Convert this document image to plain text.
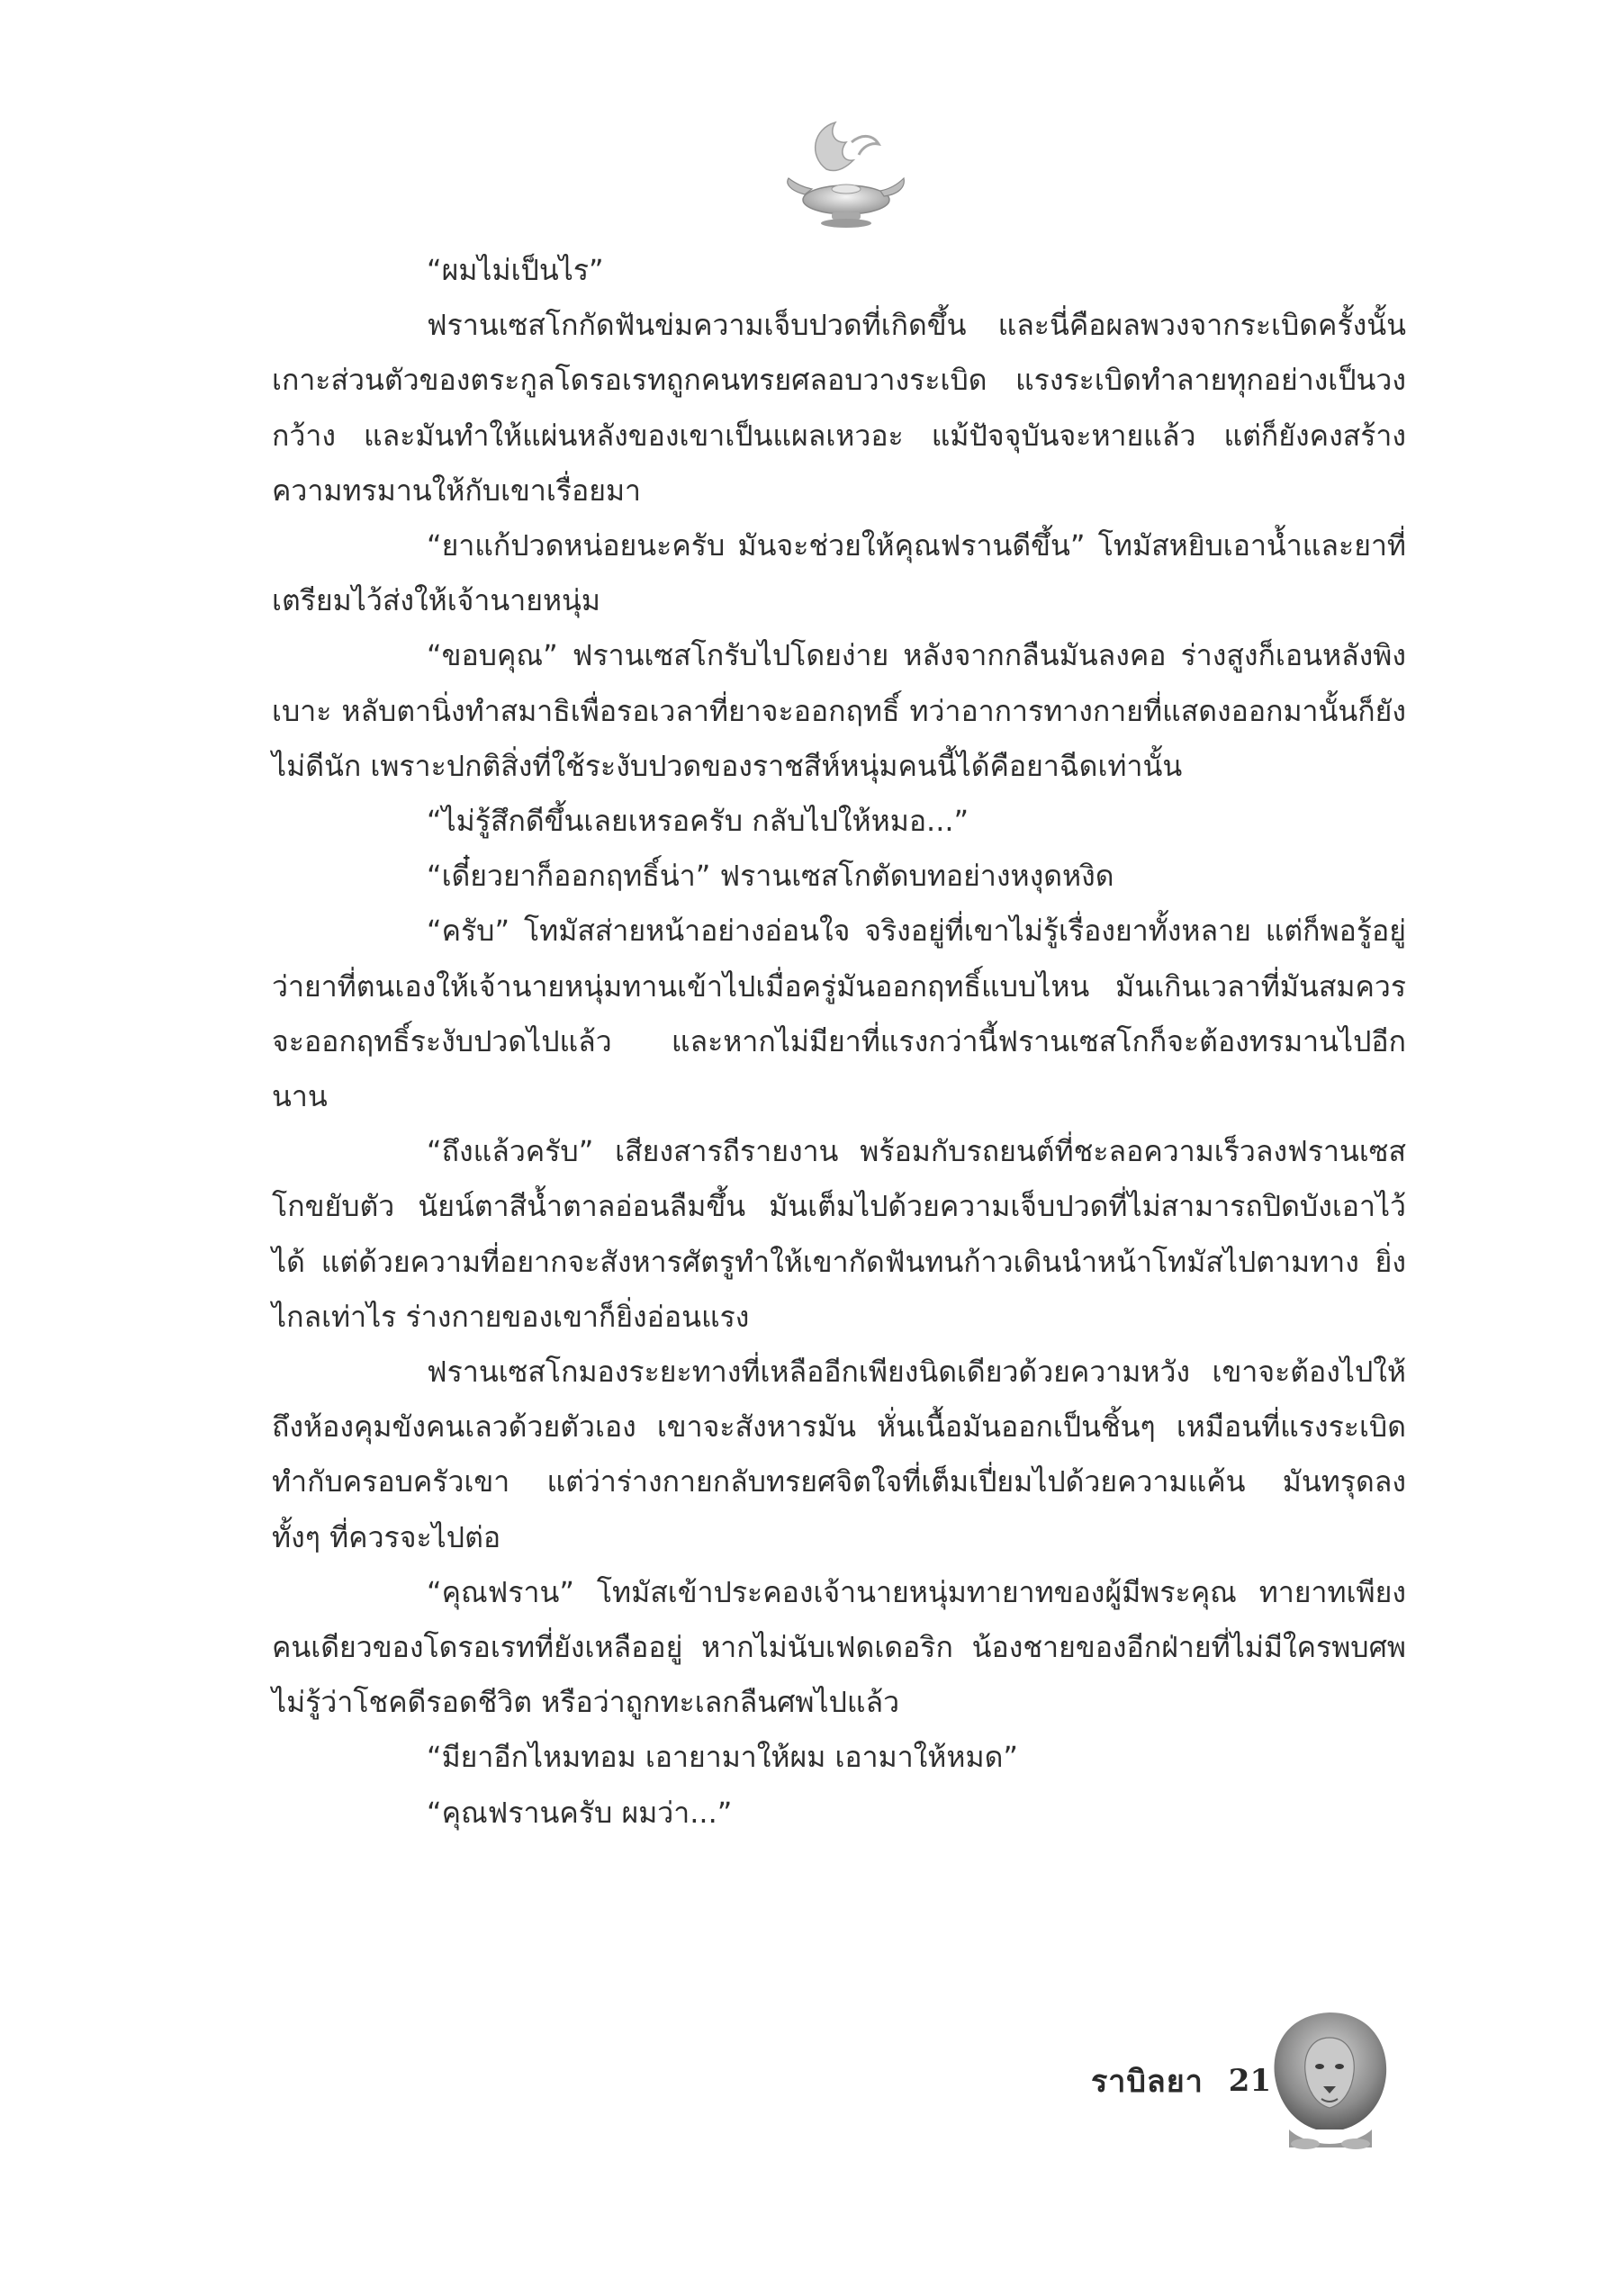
“ผมไม่เป็นไร”

ฟรานเซสโกกัดฟันข่มความเจ็บปวดที่เกิดขึ้น และนี่คือผลพวงจากระเบิดครั้งนั้น เกาะส่วนตัวของตระกูลโดรอเรทถูกคนทรยศลอบวางระเบิด แรงระเบิดทำลายทุกอย่างเป็นวงกว้าง และมันทำให้แผ่นหลังของเขาเป็นแผลเหวอะ แม้ปัจจุบันจะหายแล้ว แต่ก็ยังคงสร้างความทรมานให้กับเขาเรื่อยมา

“ยาแก้ปวดหน่อยนะครับ มันจะช่วยให้คุณฟรานดีขึ้น” โทมัสหยิบเอาน้ำและยาที่เตรียมไว้ส่งให้เจ้านายหนุ่ม

“ขอบคุณ” ฟรานเซสโกรับไปโดยง่าย หลังจากกลืนมันลงคอ ร่างสูงก็เอนหลังพิงเบาะ หลับตานิ่งทำสมาธิเพื่อรอเวลาที่ยาจะออกฤทธิ์ ทว่าอาการทางกายที่แสดงออกมานั้นก็ยังไม่ดีนัก เพราะปกติสิ่งที่ใช้ระงับปวดของราชสีห์หนุ่มคนนี้ได้คือยาฉีดเท่านั้น

“ไม่รู้สึกดีขึ้นเลยเหรอครับ กลับไปให้หมอ...”

“เดี๋ยวยาก็ออกฤทธิ์น่า” ฟรานเซสโกตัดบทอย่างหงุดหงิด

“ครับ” โทมัสส่ายหน้าอย่างอ่อนใจ จริงอยู่ที่เขาไม่รู้เรื่องยาทั้งหลาย แต่ก็พอรู้อยู่ว่ายาที่ตนเองให้เจ้านายหนุ่มทานเข้าไปเมื่อครู่มันออกฤทธิ์แบบไหน มันเกินเวลาที่มันสมควรจะออกฤทธิ์ระงับปวดไปแล้ว และหากไม่มียาที่แรงกว่านี้ฟรานเซสโกก็จะต้องทรมานไปอีกนาน

“ถึงแล้วครับ” เสียงสารถีรายงาน พร้อมกับรถยนต์ที่ชะลอความเร็วลงฟรานเซสโกขยับตัว นัยน์ตาสีน้ำตาลอ่อนลืมขึ้น มันเต็มไปด้วยความเจ็บปวดที่ไม่สามารถปิดบังเอาไว้ได้ แต่ด้วยความที่อยากจะสังหารศัตรูทำให้เขากัดฟันทนก้าวเดินนำหน้าโทมัสไปตามทาง ยิ่งไกลเท่าไร ร่างกายของเขาก็ยิ่งอ่อนแรง

ฟรานเซสโกมองระยะทางที่เหลืออีกเพียงนิดเดียวด้วยความหวัง เขาจะต้องไปให้ถึงห้องคุมขังคนเลวด้วยตัวเอง เขาจะสังหารมัน หั่นเนื้อมันออกเป็นชิ้นๆ เหมือนที่แรงระเบิดทำกับครอบครัวเขา แต่ว่าร่างกายกลับทรยศจิตใจที่เต็มเปี่ยมไปด้วยความแค้น มันทรุดลง ทั้งๆ ที่ควรจะไปต่อ

“คุณฟราน” โทมัสเข้าประคองเจ้านายหนุ่มทายาทของผู้มีพระคุณ ทายาทเพียงคนเดียวของโดรอเรทที่ยังเหลืออยู่ หากไม่นับเฟดเดอริก น้องชายของอีกฝ่ายที่ไม่มีใครพบศพ ไม่รู้ว่าโชคดีรอดชีวิต หรือว่าถูกทะเลกลืนศพไปแล้ว

“มียาอีกไหมทอม เอายามาให้ผม เอามาให้หมด”

“คุณฟรานครับ ผมว่า...”

ราบิลยา 21
